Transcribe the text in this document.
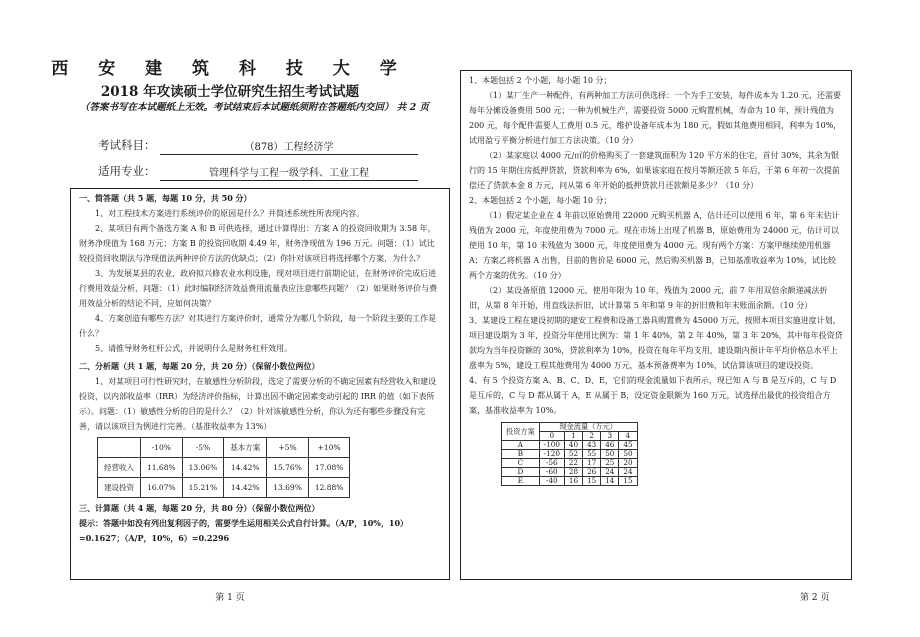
西 安 建 筑 科 技 大 学
2018 年攻读硕士学位研究生招生考试试题
（答案书写在本试题纸上无效。考试结束后本试题纸须附在答题纸内交回） 共 2 页
考试科目：	（878）工程经济学
适用专业：	管理科学与工程一级学科、工业工程

一、简答题（共 5 题，每题 10 分，共 50 分）

1、对工程技术方案进行系统评价的原因是什么？并简述系统性所表现内容。

2、某项目有两个备选方案 A 和 B 可供选择，通过计算得出：方案 A 的投资回收期为 3.58 年，财务净现值为 168 万元；方案 B 的投资回收期 4.49 年，财务净现值为 196 万元。问题：（1）试比较投资回收期法与净现值法两种评价方法的优缺点；（2）你针对该项目将选择哪个方案，为什么？

3、为发展某县的农业，政府拟兴修农业水利设施，现对项目进行前期论证，在财务评价完成后进行费用效益分析，问题：（1）此时编制经济效益费用流量表应注意哪些问题？（2）如果财务评价与费用效益分析的结论不同，应如何决策？

4、方案创造有哪些方法？对其进行方案评价时，通常分为哪几个阶段，每一个阶段主要的工作是什么？

5、请推导财务杠杆公式，并说明什么是财务杠杆效用。

二、分析题（共 1 题，每题 20 分，共 20 分）（保留小数位两位）

1、对某项目可行性研究时，在敏感性分析阶段，选定了需要分析的不确定因素有经营收入和建设投资，以内部收益率（IRR）为经济评价指标，计算出因不确定因素变动引起的 IRR 的值（如下表所示）。问题：（1）敏感性分析的目的是什么？（2）针对该敏感性分析，你认为还有哪些步骤没有完善，请以该项目为例进行完善。（基准收益率为 13%）

	-10%	-5%	基本方案	+5%	+10%
经营收入	11.68%	13.06%	14.42%	15.76%	17.08%
建设投资	16.07%	15.21%	14.42%	13.69%	12.88%

三、计算题（共 4 题，每题 20 分，共 80 分）（保留小数位两位）

提示：答题中如没有列出复利因子的，需要学生运用相关公式自行计算。（A/P，10%，10）=0.1627；（A/P，10%，6）=0.2296

第 1 页

1、本题包括 2 个小题，每小题 10 分；

（1）某厂生产一种配件，有两种加工方法可供选择：一个为手工安装，每件成本为 1.20 元，还需要每年分摊设备费用 500 元；一种为机械生产，需要投资 5000 元购置机械，寿命为 10 年，预计残值为 200 元，每个配件需要人工费用 0.5 元，维护设备年成本为 180 元，假如其他费用相同，利率为 10%，试用盈亏平衡分析进行加工方法决策。（10 分）

（2）某家庭以 4000 元/㎡的价格购买了一套建筑面积为 120 平方米的住宅，首付 30%，其余为银行的 15 年期住房抵押贷款，贷款利率为 6%，如果该家庭在按月等额还款 5 年后，于第 6 年初一次提前偿还了贷款本金 8 万元，问从第 6 年开始的抵押贷款月还款额是多少？（10 分）

2、本题包括 2 个小题，每小题 10 分；

（1）假定某企业在 4 年前以原始费用 22000 元购买机器 A，估计还可以使用 6 年，第 6 年末估计残值为 2000 元，年度使用费为 7000 元。现在市场上出现了机器 B，原始费用为 24000 元，估计可以使用 10 年，第 10 末残值为 3000 元，年度使用费为 4000 元。现有两个方案：方案甲继续使用机器 A；方案乙将机器 A 出售，目前的售价是 6000 元，然后购买机器 B，已知基准收益率为 10%，试比较两个方案的优劣。（10 分）

（2）某设备原值 12000 元，使用年限为 10 年，残值为 2000 元，前 7 年用双倍余额递减法折旧，从第 8 年开始，用直线法折旧，试计算第 5 年和第 9 年的折旧费和年末账面余额。（10 分）

3、某建设工程在建设初期的建安工程费和设备工器具购置费为 45000 万元，按照本项目实施进度计划，项目建设期为 3 年，投资分年使用比例为：第 1 年 40%，第 2 年 40%，第 3 年 20%，其中每年投资贷款均为当年投资额的 30%，贷款利率为 10%，投资在每年平均支用，建设期内预计年平均价格总水平上涨率为 5%，建设工程其他费用为 4000 万元，基本预备费率为 10%，试估算该项目的建设投资。

4、有 5 个投资方案 A、B、C、D、E，它们的现金流量如下表所示，现已知 A 与 B 是互斥的，C 与 D 是互斥的，C 与 D 都从属于 A，E 从属于 B，设定资金限额为 160 万元，试选择出最优的投资组合方案，基准收益率为 10%。

投资方案	现金流量（万元）				
	0	1	2	3	4
A	-100	40	43	46	45
B	-120	52	55	50	50
C	-56	22	17	25	20
D	-60	28	26	24	24
E	-40	16	15	14	15
第 2 页
